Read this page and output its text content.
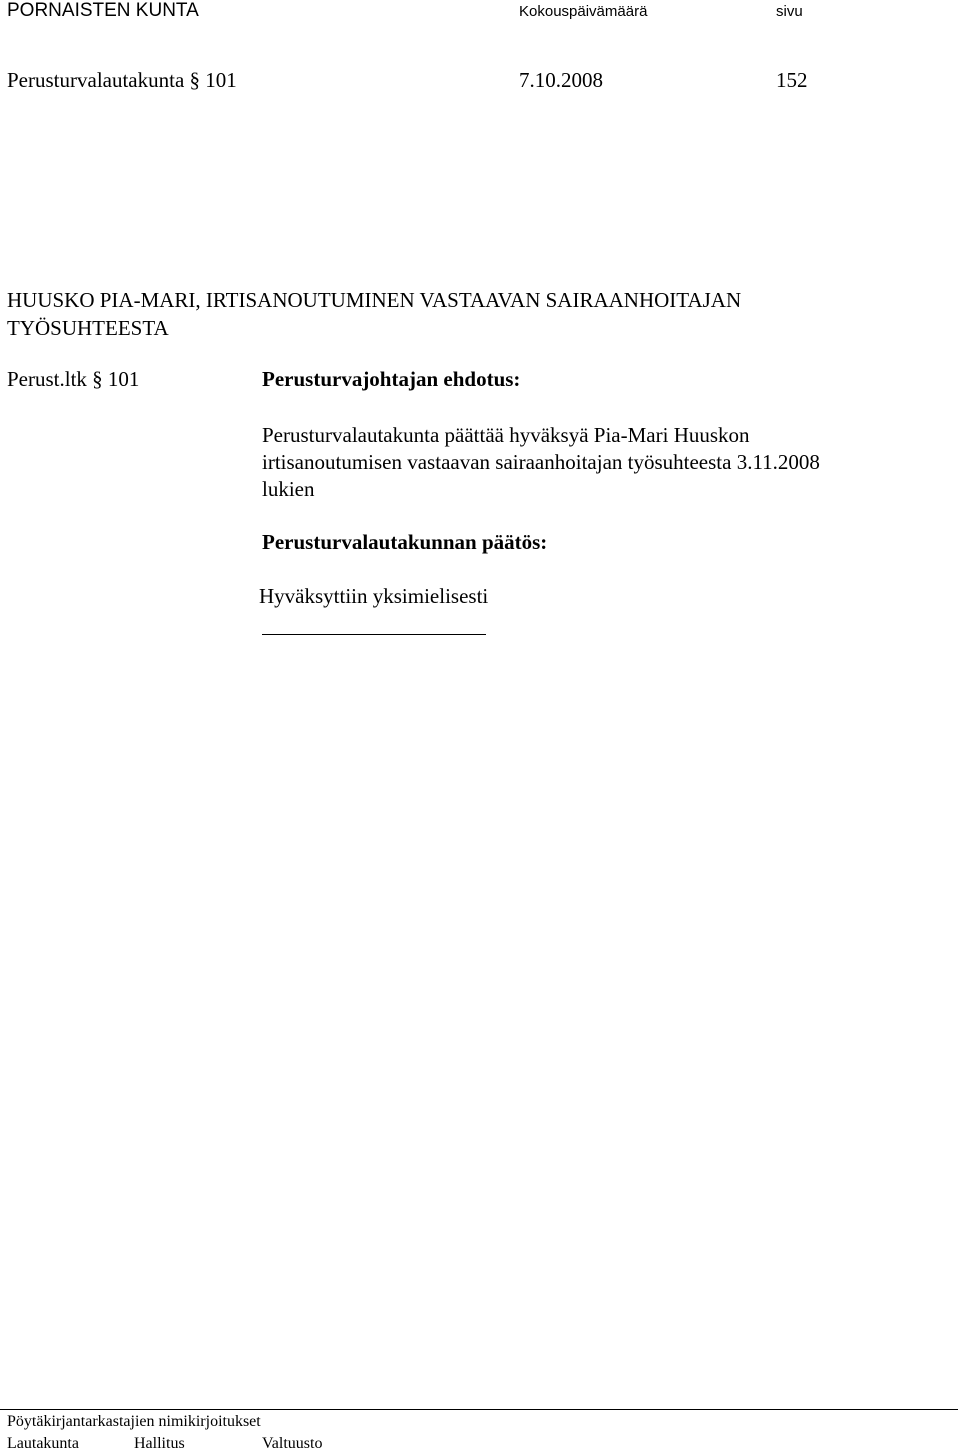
PORNAISTEN KUNTA	Kokouspäivämäärä	sivu
Perusturvalautakunta § 101	7.10.2008	152
HUUSKO PIA-MARI, IRTISANOUTUMINEN VASTAAVAN SAIRAANHOITAJAN
TYÖSUHTEESTA
Perust.ltk § 101	Perusturvajohtajan ehdotus:
Perusturvalautakunta päättää hyväksyä Pia-Mari Huuskon
irtisanoutumisen vastaavan sairaanhoitajan työsuhteesta 3.11.2008
lukien
Perusturvalautakunnan päätös:
Hyväksyttiin yksimielisesti
Pöytäkirjantarkastajien nimikirjoitukset
Lautakunta	Hallitus	Valtuusto
